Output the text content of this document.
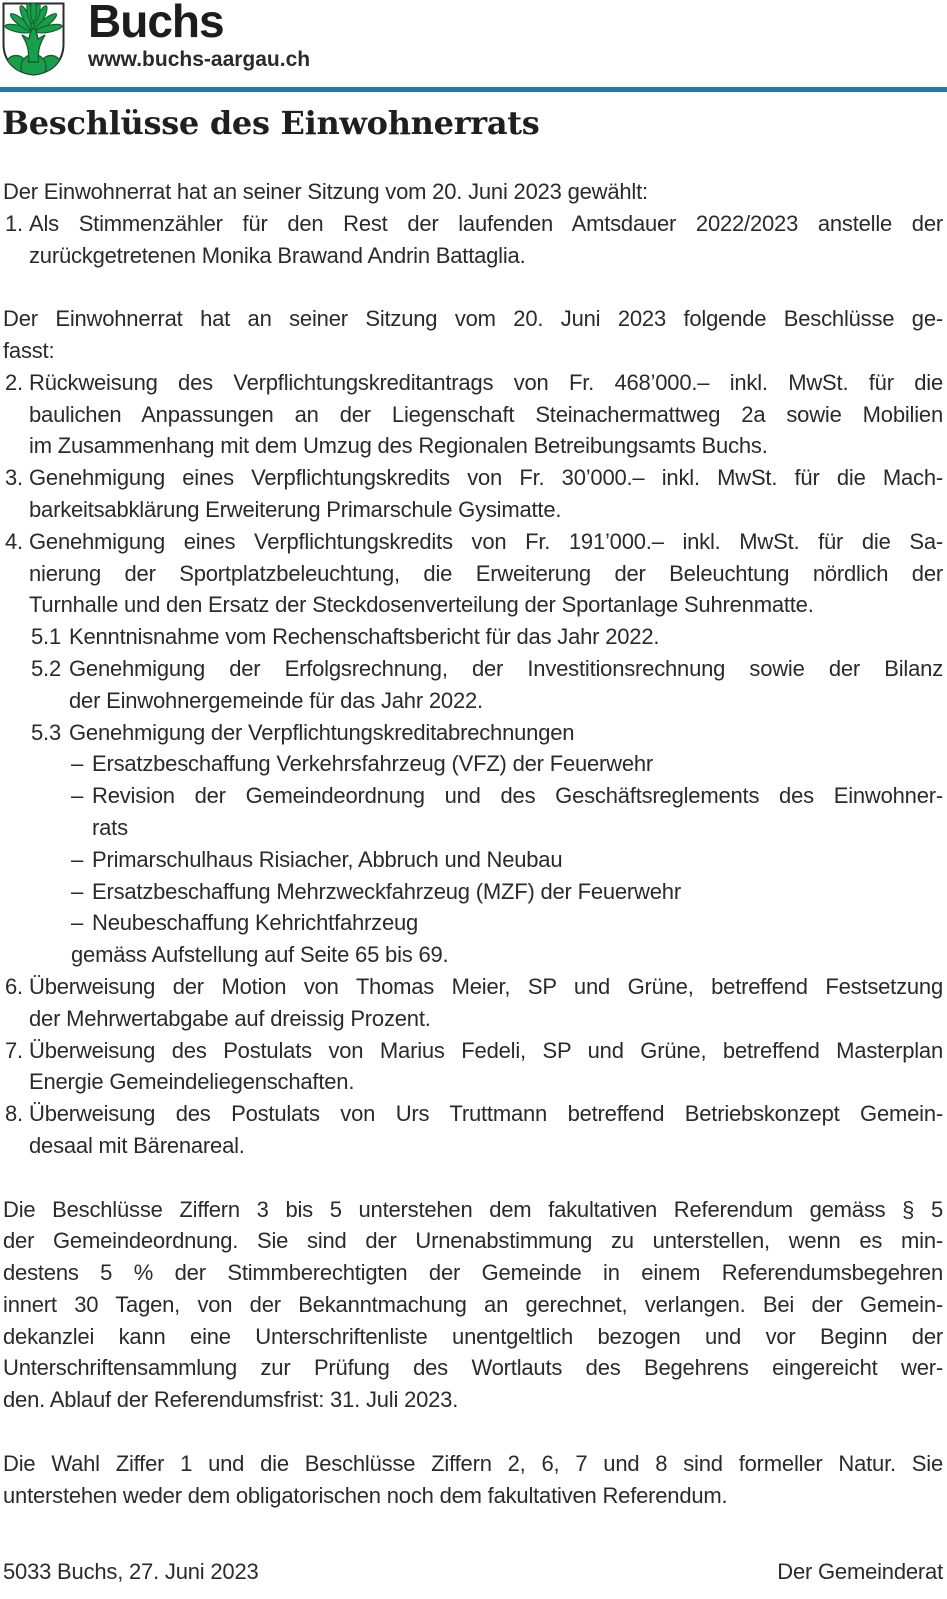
Buchs
www.buchs-aargau.ch
Beschlüsse des Einwohnerrats
Der Einwohnerrat hat an seiner Sitzung vom 20. Juni 2023 gewählt:
1. Als Stimmenzähler für den Rest der laufenden Amtsdauer 2022/2023 anstelle der
zurückgetretenen Monika Brawand Andrin Battaglia.
Der Einwohnerrat hat an seiner Sitzung vom 20. Juni 2023 folgende Beschlüsse ge-
fasst:
2. Rückweisung des Verpflichtungskreditantrags von Fr. 468’000.– inkl. MwSt. für die
baulichen Anpassungen an der Liegenschaft Steinachermattweg 2a sowie Mobilien
im Zusammenhang mit dem Umzug des Regionalen Betreibungsamts Buchs.
3. Genehmigung eines Verpflichtungskredits von Fr. 30’000.– inkl. MwSt. für die Mach-
barkeitsabklärung Erweiterung Primarschule Gysimatte.
4. Genehmigung eines Verpflichtungskredits von Fr. 191’000.– inkl. MwSt. für die Sa-
nierung der Sportplatzbeleuchtung, die Erweiterung der Beleuchtung nördlich der
Turnhalle und den Ersatz der Steckdosenverteilung der Sportanlage Suhrenmatte.
5.1 Kenntnisnahme vom Rechenschaftsbericht für das Jahr 2022.
5.2 Genehmigung der Erfolgsrechnung, der Investitionsrechnung sowie der Bilanz
der Einwohnergemeinde für das Jahr 2022.
5.3 Genehmigung der Verpflichtungskreditabrechnungen
– Ersatzbeschaffung Verkehrsfahrzeug (VFZ) der Feuerwehr
– Revision der Gemeindeordnung und des Geschäftsreglements des Einwohner-
rats
– Primarschulhaus Risiacher, Abbruch und Neubau
– Ersatzbeschaffung Mehrzweckfahrzeug (MZF) der Feuerwehr
– Neubeschaffung Kehrichtfahrzeug
gemäss Aufstellung auf Seite 65 bis 69.
6. Überweisung der Motion von Thomas Meier, SP und Grüne, betreffend Festsetzung
der Mehrwertabgabe auf dreissig Prozent.
7. Überweisung des Postulats von Marius Fedeli, SP und Grüne, betreffend Masterplan
Energie Gemeindeliegenschaften.
8. Überweisung des Postulats von Urs Truttmann betreffend Betriebskonzept Gemein-
desaal mit Bärenareal.
Die Beschlüsse Ziffern 3 bis 5 unterstehen dem fakultativen Referendum gemäss § 5
der Gemeindeordnung. Sie sind der Urnenabstimmung zu unterstellen, wenn es min-
destens 5 % der Stimmberechtigten der Gemeinde in einem Referendumsbegehren
innert 30 Tagen, von der Bekanntmachung an gerechnet, verlangen. Bei der Gemein-
dekanzlei kann eine Unterschriftenliste unentgeltlich bezogen und vor Beginn der
Unterschriftensammlung zur Prüfung des Wortlauts des Begehrens eingereicht wer-
den. Ablauf der Referendumsfrist: 31. Juli 2023.
Die Wahl Ziffer 1 und die Beschlüsse Ziffern 2, 6, 7 und 8 sind formeller Natur. Sie
unterstehen weder dem obligatorischen noch dem fakultativen Referendum.
5033 Buchs, 27. Juni 2023	Der Gemeinderat
